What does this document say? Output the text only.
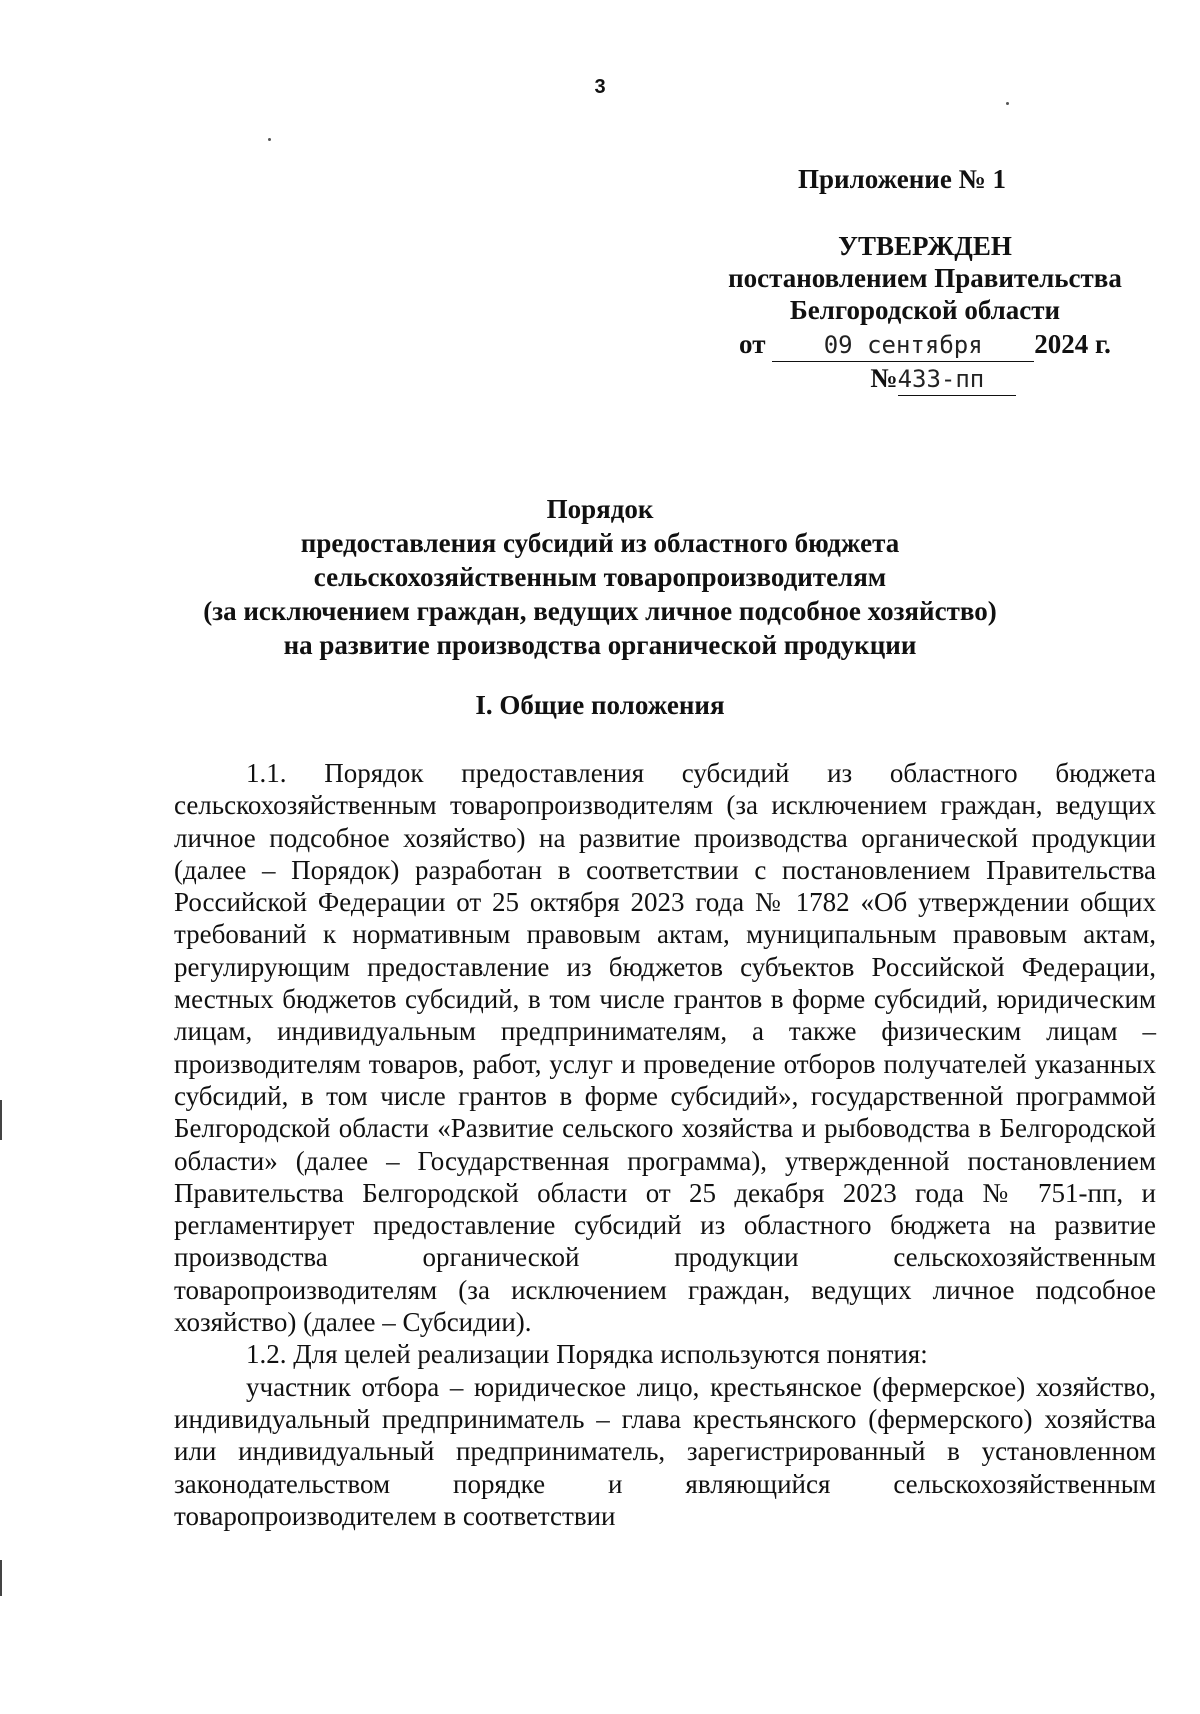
3
Приложение № 1
УТВЕРЖДЕН
постановлением Правительства
Белгородской области
от 09 сентября 2024 г.
№433-пп
Порядок
предоставления субсидий из областного бюджета
сельскохозяйственным товаропроизводителям
(за исключением граждан, ведущих личное подсобное хозяйство)
на развитие производства органической продукции
I. Общие положения

1.1. Порядок предоставления субсидий из областного бюджета сельскохозяйственным товаропроизводителям (за исключением граждан, ведущих личное подсобное хозяйство) на развитие производства органической продукции (далее – Порядок) разработан в соответствии с постановлением Правительства Российской Федерации от 25 октября 2023 года № 1782 «Об утверждении общих требований к нормативным правовым актам, муниципальным правовым актам, регулирующим предоставление из бюджетов субъектов Российской Федерации, местных бюджетов субсидий, в том числе грантов в форме субсидий, юридическим лицам, индивидуальным предпринимателям, а также физическим лицам – производителям товаров, работ, услуг и проведение отборов получателей указанных субсидий, в том числе грантов в форме субсидий», государственной программой Белгородской области «Развитие сельского хозяйства и рыбоводства в Белгородской области» (далее – Государственная программа), утвержденной постановлением Правительства Белгородской области от 25 декабря 2023 года № 751-пп, и регламентирует предоставление субсидий из областного бюджета на развитие производства органической продукции сельскохозяйственным товаропроизводителям (за исключением граждан, ведущих личное подсобное хозяйство) (далее – Субсидии).

1.2. Для целей реализации Порядка используются понятия:

участник отбора – юридическое лицо, крестьянское (фермерское) хозяйство, индивидуальный предприниматель – глава крестьянского (фермерского) хозяйства или индивидуальный предприниматель, зарегистрированный в установленном законодательством порядке и являющийся сельскохозяйственным товаропроизводителем в соответствии
